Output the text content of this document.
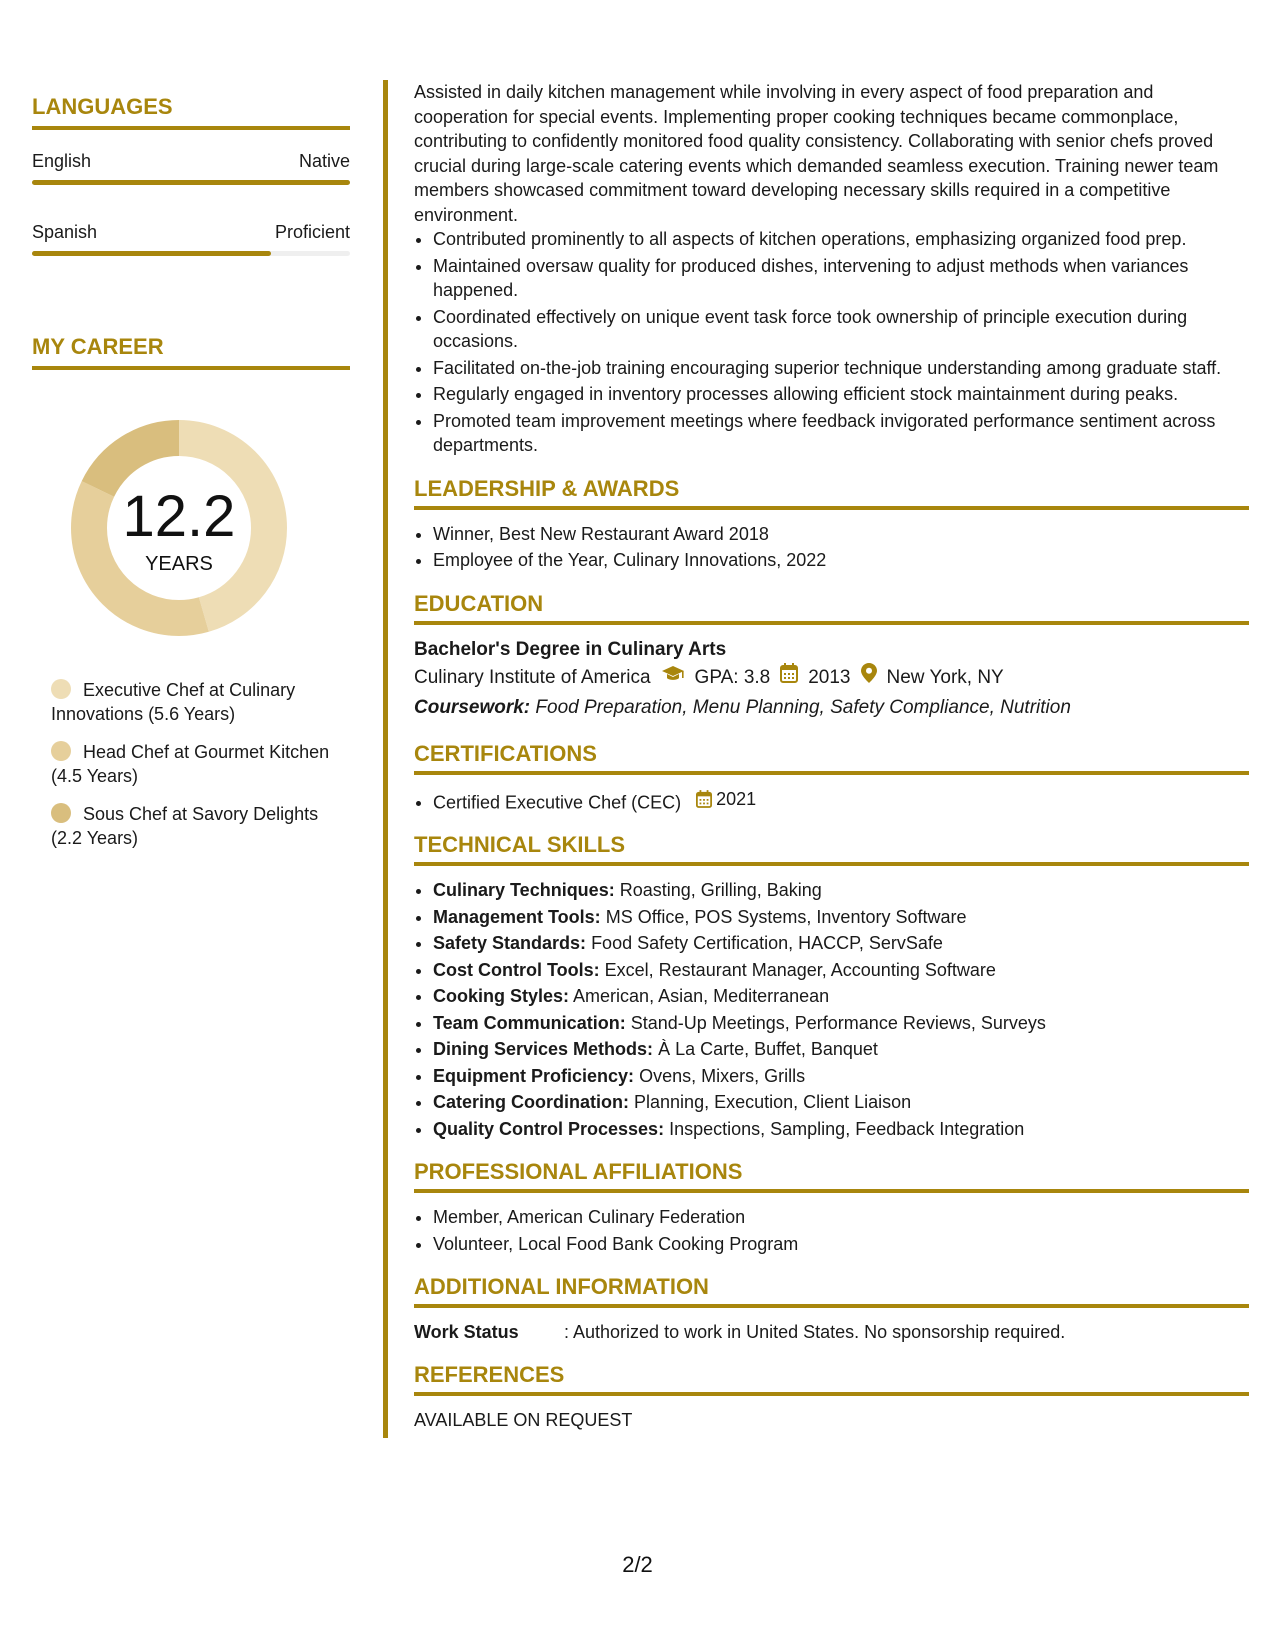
LANGUAGES
English	Native
Spanish	Proficient
MY CAREER
12.2
YEARS
Executive Chef at Culinary Innovations (5.6 Years)
Head Chef at Gourmet Kitchen (4.5 Years)
Sous Chef at Savory Delights (2.2 Years)

Assisted in daily kitchen management while involving in every aspect of food preparation and cooperation for special events. Implementing proper cooking techniques became commonplace, contributing to confidently monitored food quality consistency. Collaborating with senior chefs proved crucial during large-scale catering events which demanded seamless execution. Training newer team members showcased commitment toward developing necessary skills required in a competitive environment.

• Contributed prominently to all aspects of kitchen operations, emphasizing organized food prep.
• Maintained oversaw quality for produced dishes, intervening to adjust methods when variances happened.
• Coordinated effectively on unique event task force took ownership of principle execution during occasions.
• Facilitated on-the-job training encouraging superior technique understanding among graduate staff.
• Regularly engaged in inventory processes allowing efficient stock maintainment during peaks.
• Promoted team improvement meetings where feedback invigorated performance sentiment across departments.
LEADERSHIP & AWARDS
• Winner, Best New Restaurant Award 2018
• Employee of the Year, Culinary Innovations, 2022
EDUCATION
Bachelor's Degree in Culinary Arts
Culinary Institute of America GPA: 3.8 2013 New York, NY
Coursework: Food Preparation, Menu Planning, Safety Compliance, Nutrition
CERTIFICATIONS
• Certified Executive Chef (CEC) 2021
TECHNICAL SKILLS
• Culinary Techniques: Roasting, Grilling, Baking
• Management Tools: MS Office, POS Systems, Inventory Software
• Safety Standards: Food Safety Certification, HACCP, ServSafe
• Cost Control Tools: Excel, Restaurant Manager, Accounting Software
• Cooking Styles: American, Asian, Mediterranean
• Team Communication: Stand-Up Meetings, Performance Reviews, Surveys
• Dining Services Methods: À La Carte, Buffet, Banquet
• Equipment Proficiency: Ovens, Mixers, Grills
• Catering Coordination: Planning, Execution, Client Liaison
• Quality Control Processes: Inspections, Sampling, Feedback Integration
PROFESSIONAL AFFILIATIONS
• Member, American Culinary Federation
• Volunteer, Local Food Bank Cooking Program
ADDITIONAL INFORMATION
Work Status	: Authorized to work in United States. No sponsorship required.
REFERENCES
AVAILABLE ON REQUEST
2/2
